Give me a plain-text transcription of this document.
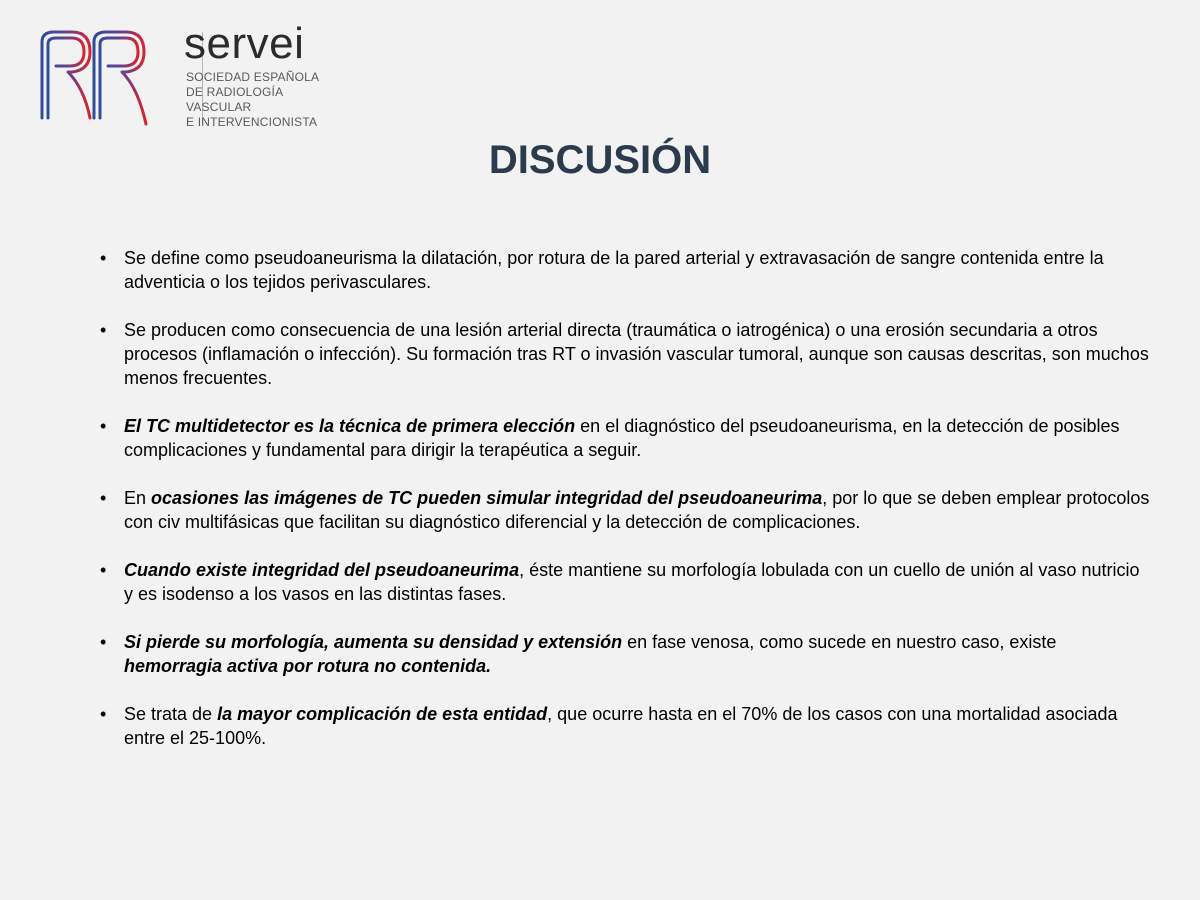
servei
SOCIEDAD ESPAÑOLA
DE RADIOLOGÍA
VASCULAR
E INTERVENCIONISTA
DISCUSIÓN
• Se define como pseudoaneurisma la dilatación, por rotura de la pared arterial y extravasación de sangre contenida entre la adventicia o los tejidos perivasculares.
• Se producen como consecuencia de una lesión arterial directa (traumática o iatrogénica) o una erosión secundaria a otros procesos (inflamación o infección). Su formación tras RT o invasión vascular tumoral, aunque son causas descritas, son muchos menos frecuentes.
• El TC multidetector es la técnica de primera elección en el diagnóstico del pseudoaneurisma, en la detección de posibles complicaciones y fundamental para dirigir la terapéutica a seguir.
• En ocasiones las imágenes de TC pueden simular integridad del pseudoaneurima, por lo que se deben emplear protocolos con civ multifásicas que facilitan su diagnóstico diferencial y la detección de complicaciones.
• Cuando existe integridad del pseudoaneurima, éste mantiene su morfología lobulada con un cuello de unión al vaso nutricio y es isodenso a los vasos en las distintas fases.
• Si pierde su morfología, aumenta su densidad y extensión en fase venosa, como sucede en nuestro caso, existe hemorragia activa por rotura no contenida.
• Se trata de la mayor complicación de esta entidad, que ocurre hasta en el 70% de los casos con una mortalidad asociada entre el 25-100%.
